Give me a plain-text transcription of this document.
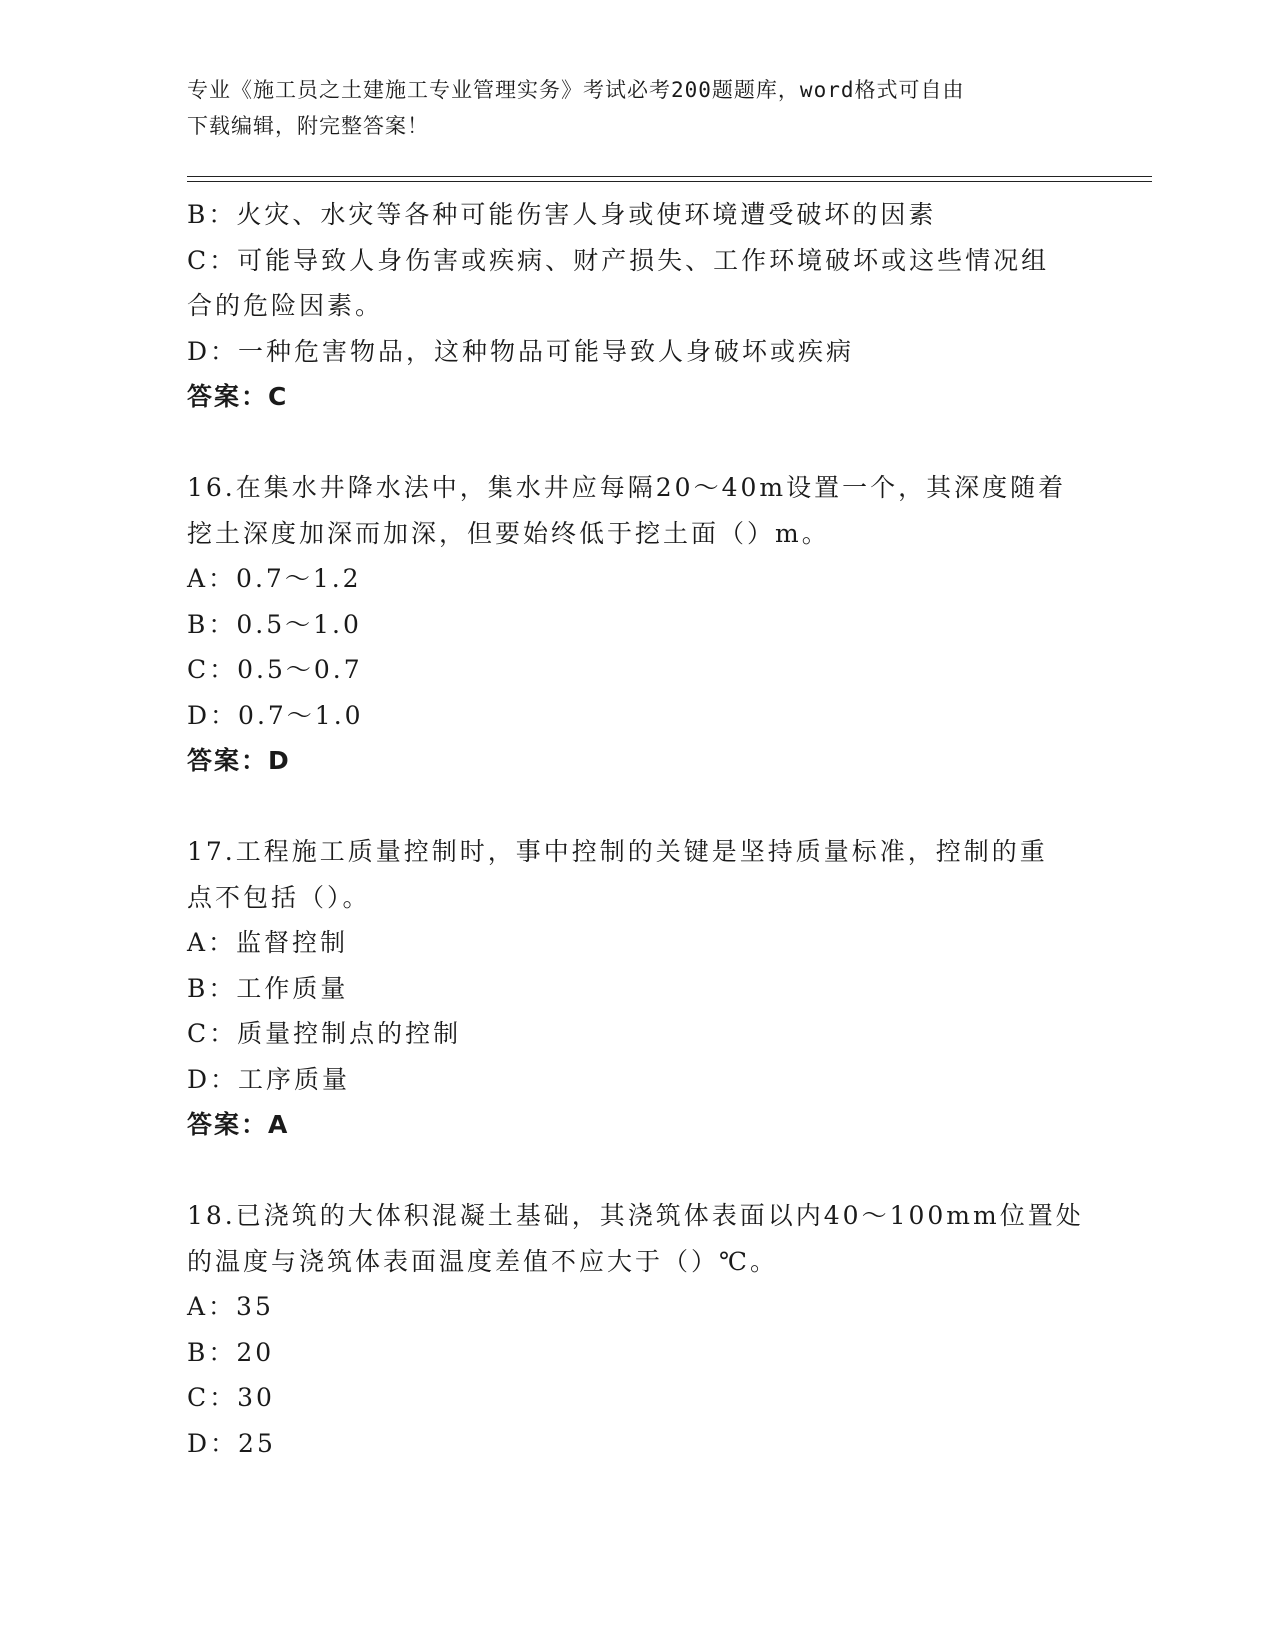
专业《施工员之土建施工专业管理实务》考试必考200题题库，word格式可自由
下载编辑，附完整答案！
B：火灾、水灾等各种可能伤害人身或使环境遭受破坏的因素
C：可能导致人身伤害或疾病、财产损失、工作环境破坏或这些情况组
合的危险因素。
D：一种危害物品，这种物品可能导致人身破坏或疾病
答案：C
16.在集水井降水法中，集水井应每隔20～40m设置一个，其深度随着
挖土深度加深而加深，但要始终低于挖土面（）m。
A：0.7～1.2
B：0.5～1.0
C：0.5～0.7
D：0.7～1.0
答案：D
17.工程施工质量控制时，事中控制的关键是坚持质量标准，控制的重
点不包括（）。
A：监督控制
B：工作质量
C：质量控制点的控制
D：工序质量
答案：A
18.已浇筑的大体积混凝土基础，其浇筑体表面以内40～100mm位置处
的温度与浇筑体表面温度差值不应大于（）℃。
A：35
B：20
C：30
D：25
